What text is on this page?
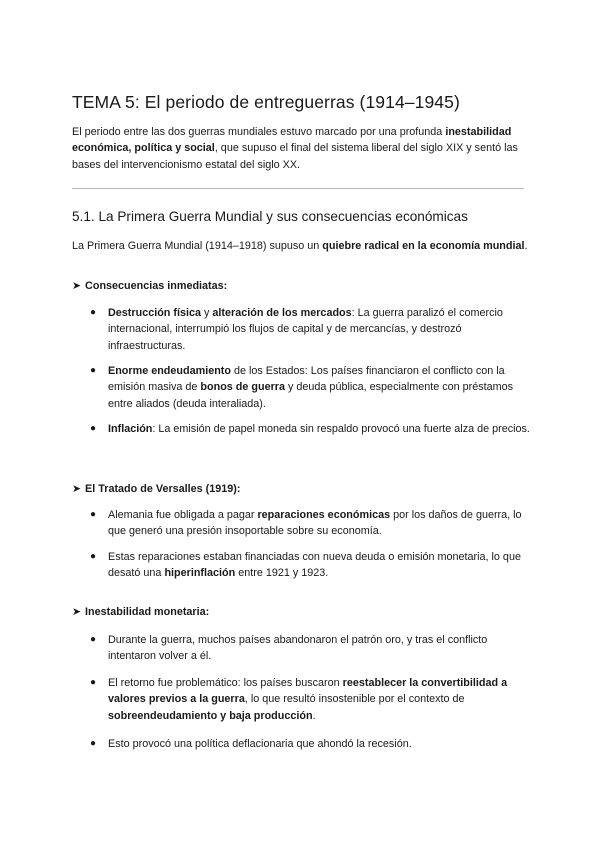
TEMA 5: El periodo de entreguerras (1914–1945)

El periodo entre las dos guerras mundiales estuvo marcado por una profunda inestabilidad económica, política y social, que supuso el final del sistema liberal del siglo XIX y sentó las bases del intervencionismo estatal del siglo XX.

5.1. La Primera Guerra Mundial y sus consecuencias económicas

La Primera Guerra Mundial (1914–1918) supuso un quiebre radical en la economía mundial.

➤ Consecuencias inmediatas:
● Destrucción física y alteración de los mercados: La guerra paralizó el comercio internacional, interrumpió los flujos de capital y de mercancías, y destrozó infraestructuras.
● Enorme endeudamiento de los Estados: Los países financiaron el conflicto con la emisión masiva de bonos de guerra y deuda pública, especialmente con préstamos entre aliados (deuda interaliada).
● Inflación: La emisión de papel moneda sin respaldo provocó una fuerte alza de precios.
➤ El Tratado de Versalles (1919):
● Alemania fue obligada a pagar reparaciones económicas por los daños de guerra, lo que generó una presión insoportable sobre su economía.
● Estas reparaciones estaban financiadas con nueva deuda o emisión monetaria, lo que desató una hiperinflación entre 1921 y 1923.
➤ Inestabilidad monetaria:
● Durante la guerra, muchos países abandonaron el patrón oro, y tras el conflicto intentaron volver a él.
● El retorno fue problemático: los países buscaron reestablecer la convertibilidad a valores previos a la guerra, lo que resultó insostenible por el contexto de sobreendeudamiento y baja producción.
● Esto provocó una política deflacionaria que ahondó la recesión.
